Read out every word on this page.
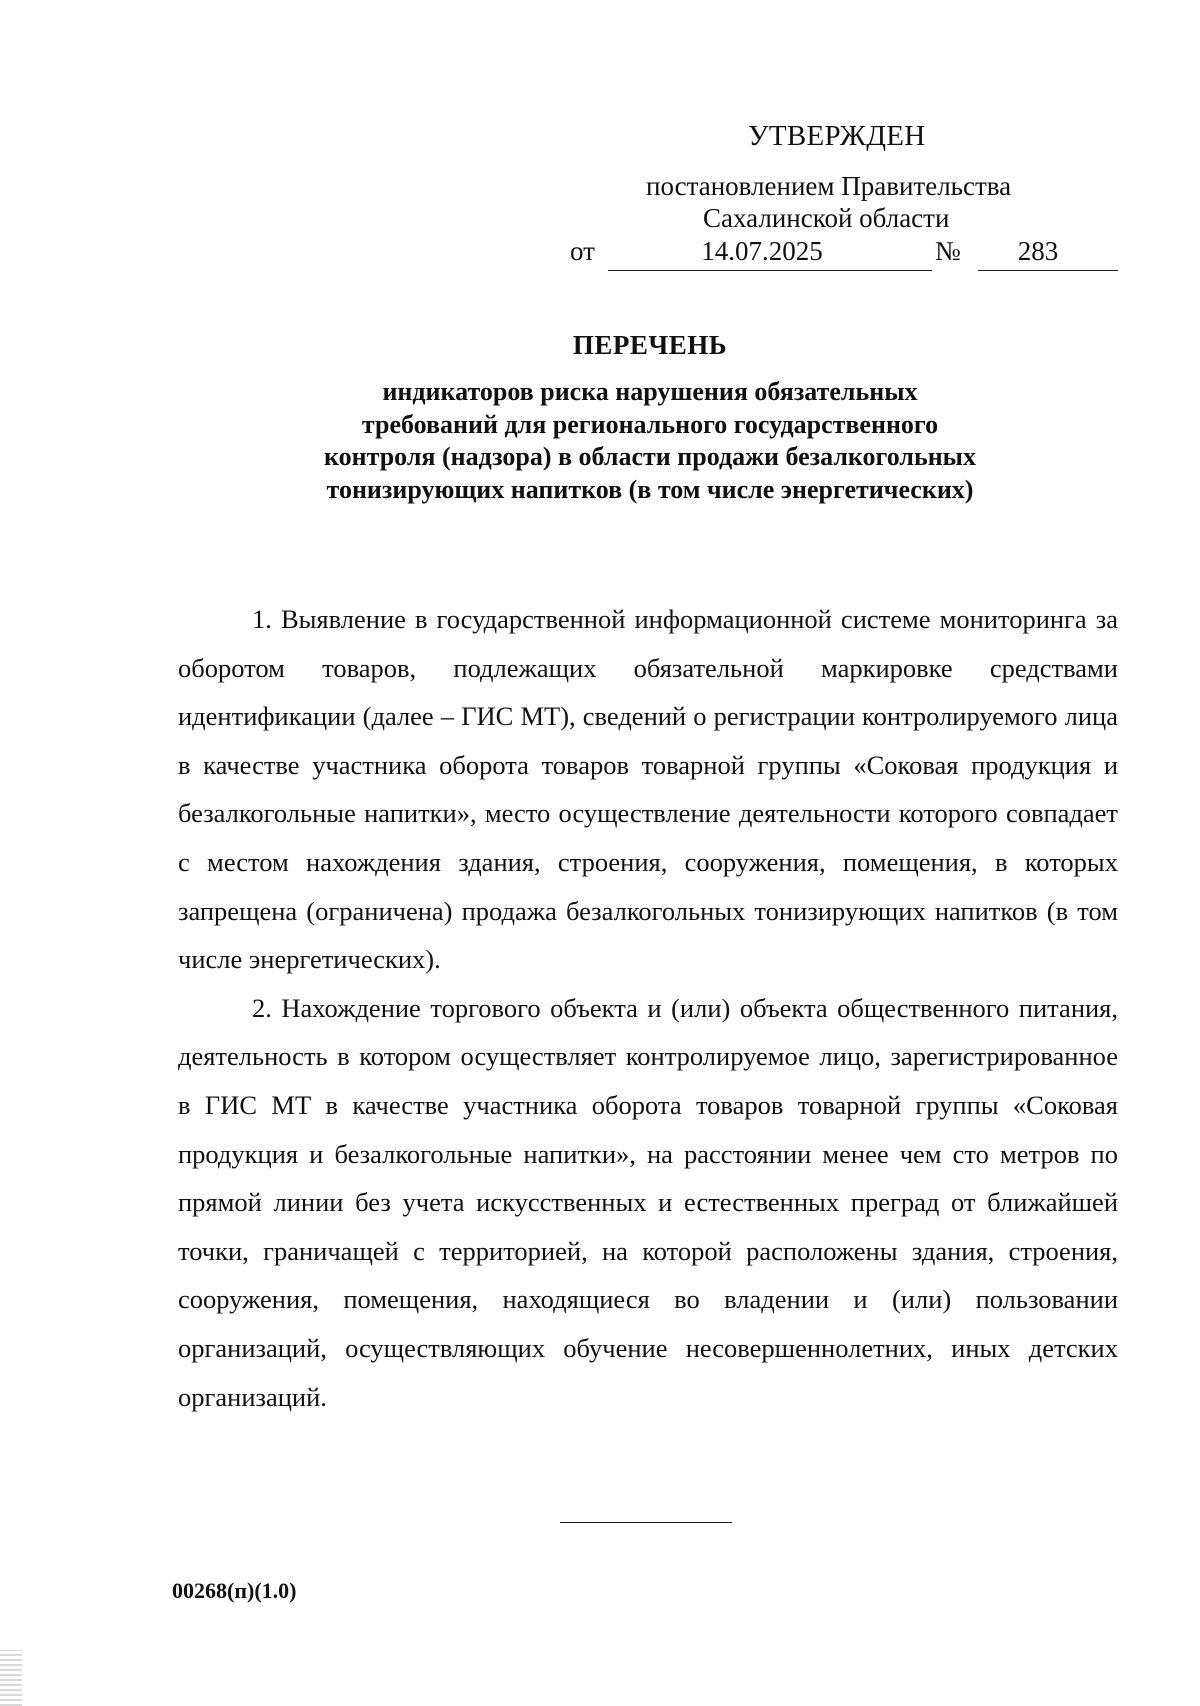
УТВЕРЖДЕН
постановлением Правительства
Сахалинской области
от	14.07.2025	№	283
ПЕРЕЧЕНЬ
индикаторов риска нарушения обязательных
требований для регионального государственного
контроля (надзора) в области продажи безалкогольных
тонизирующих напитков (в том числе энергетических)

1. Выявление в государственной информационной системе мониторинга за оборотом товаров, подлежащих обязательной маркировке средствами идентификации (далее – ГИС МТ), сведений о регистрации контролируемого лица в качестве участника оборота товаров товарной группы «Соковая продукция и безалкогольные напитки», место осуществление деятельности которого совпадает с местом нахождения здания, строения, сооружения, помещения, в которых запрещена (ограничена) продажа безалкогольных тонизирующих напитков (в том числе энергетических).

2. Нахождение торгового объекта и (или) объекта общественного питания, деятельность в котором осуществляет контролируемое лицо, зарегистрированное в ГИС МТ в качестве участника оборота товаров товарной группы «Соковая продукция и безалкогольные напитки», на расстоянии менее чем сто метров по прямой линии без учета искусственных и естественных преград от ближайшей точки, граничащей с территорией, на которой расположены здания, строения, сооружения, помещения, находящиеся во владении и (или) пользовании организаций, осуществляющих обучение несовершеннолетних, иных детских организаций.

00268(п)(1.0)
